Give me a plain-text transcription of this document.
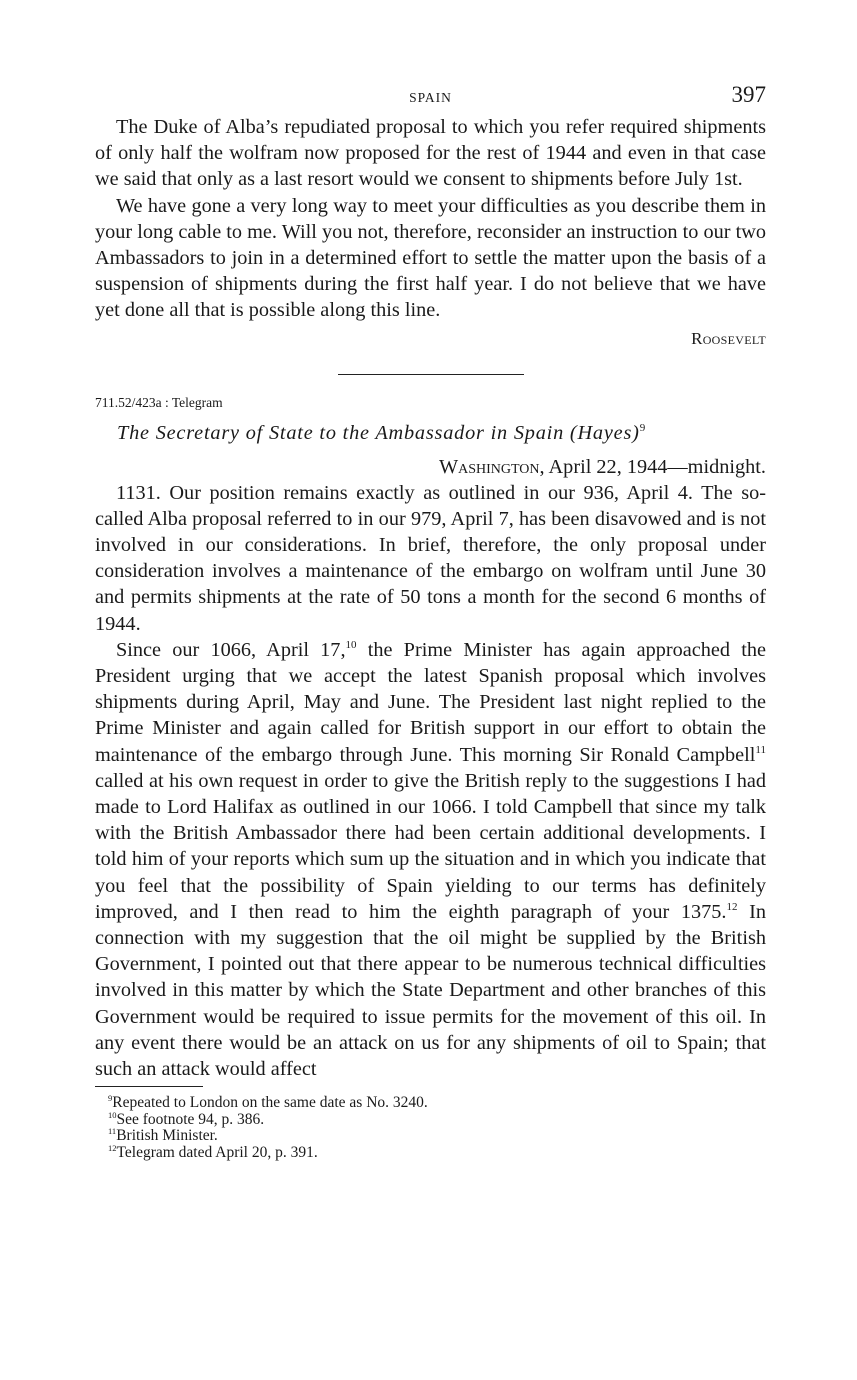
SPAIN	397

The Duke of Alba’s repudiated proposal to which you refer required shipments of only half the wolfram now proposed for the rest of 1944 and even in that case we said that only as a last resort would we consent to shipments before July 1st.

We have gone a very long way to meet your difficulties as you describe them in your long cable to me. Will you not, therefore, reconsider an instruction to our two Ambassadors to join in a determined effort to settle the matter upon the basis of a suspension of shipments during the first half year. I do not believe that we have yet done all that is possible along this line.

Roosevelt
711.52/423a : Telegram
The Secretary of State to the Ambassador in Spain (Hayes)$^9$
Washington, April 22, 1944—midnight.

1131. Our position remains exactly as outlined in our 936, April 4. The so-called Alba proposal referred to in our 979, April 7, has been disavowed and is not involved in our considerations. In brief, therefore, the only proposal under consideration involves a maintenance of the embargo on wolfram until June 30 and permits shipments at the rate of 50 tons a month for the second 6 months of 1944.

Since our 1066, April 17,10 the Prime Minister has again approached the President urging that we accept the latest Spanish proposal which involves shipments during April, May and June. The President last night replied to the Prime Minister and again called for British support in our effort to obtain the maintenance of the embargo through June. This morning Sir Ronald Campbell$^{11}$ called at his own request in order to give the British reply to the suggestions I had made to Lord Halifax as outlined in our 1066. I told Campbell that since my talk with the British Ambassador there had been certain additional developments. I told him of your reports which sum up the situation and in which you indicate that you feel that the possibility of Spain yielding to our terms has definitely improved, and I then read to him the eighth paragraph of your 1375.12 In connection with my suggestion that the oil might be supplied by the British Government, I pointed out that there appear to be numerous technical difficulties involved in this matter by which the State Department and other branches of this Government would be required to issue permits for the movement of this oil. In any event there would be an attack on us for any shipments of oil to Spain; that such an attack would affect

$^9$Repeated to London on the same date as No. 3240.
$^{10}$See footnote 94, p. 386.
$^{11}$British Minister.
$^{12}$Telegram dated April 20, p. 391.
